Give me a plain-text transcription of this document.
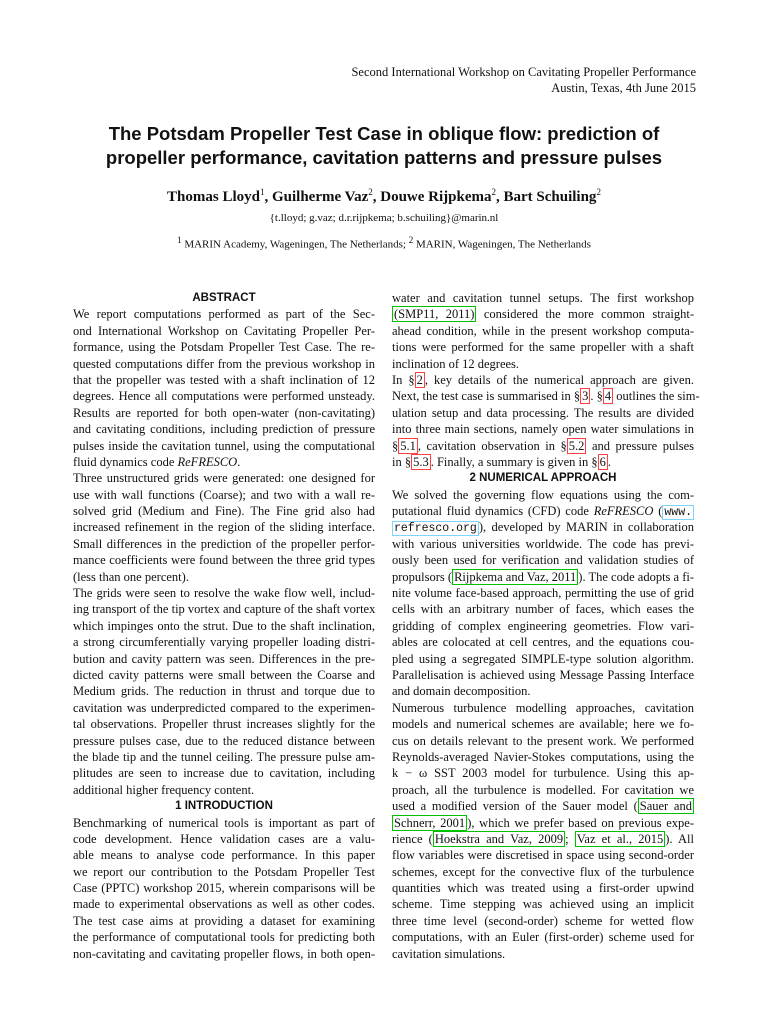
Second International Workshop on Cavitating Propeller Performance
Austin, Texas, 4th June 2015
The Potsdam Propeller Test Case in oblique flow: prediction of
propeller performance, cavitation patterns and pressure pulses
Thomas Lloyd$^1$, Guilherme Vaz$^2$, Douwe Rijpkema$^2$, Bart Schuiling$^2$
{t.lloyd; g.vaz; d.r.rijpkema; b.schuiling}@marin.nl
$^1$ MARIN Academy, Wageningen, The Netherlands; $^2$ MARIN, Wageningen, The Netherlands
ABSTRACT
We report computations performed as part of the Sec-
ond International Workshop on Cavitating Propeller Per-
formance, using the Potsdam Propeller Test Case. The re-
quested computations differ from the previous workshop in
that the propeller was tested with a shaft inclination of 12
degrees. Hence all computations were performed unsteady.
Results are reported for both open-water (non-cavitating)
and cavitating conditions, including prediction of pressure
pulses inside the cavitation tunnel, using the computational
fluid dynamics code ReFRESCO.
Three unstructured grids were generated: one designed for
use with wall functions (Coarse); and two with a wall re-
solved grid (Medium and Fine). The Fine grid also had
increased refinement in the region of the sliding interface.
Small differences in the prediction of the propeller perfor-
mance coefficients were found between the three grid types
(less than one percent).
The grids were seen to resolve the wake flow well, includ-
ing transport of the tip vortex and capture of the shaft vortex
which impinges onto the strut. Due to the shaft inclination,
a strong circumferentially varying propeller loading distri-
bution and cavity pattern was seen. Differences in the pre-
dicted cavity patterns were small between the Coarse and
Medium grids. The reduction in thrust and torque due to
cavitation was underpredicted compared to the experimen-
tal observations. Propeller thrust increases slightly for the
pressure pulses case, due to the reduced distance between
the blade tip and the tunnel ceiling. The pressure pulse am-
plitudes are seen to increase due to cavitation, including
additional higher frequency content.
1 INTRODUCTION
Benchmarking of numerical tools is important as part of
code development. Hence validation cases are a valu-
able means to analyse code performance. In this paper
we report our contribution to the Potsdam Propeller Test
Case (PPTC) workshop 2015, wherein comparisons will be
made to experimental observations as well as other codes.
The test case aims at providing a dataset for examining
the performance of computational tools for predicting both
non-cavitating and cavitating propeller flows, in both open-
water and cavitation tunnel setups. The first workshop
(SMP11, 2011) considered the more common straight-
ahead condition, while in the present workshop computa-
tions were performed for the same propeller with a shaft
inclination of 12 degrees.
In § 2 , key details of the numerical approach are given.
Next, the test case is summarised in § 3 . § 4 outlines the sim-
ulation setup and data processing. The results are divided
into three main sections, namely open water simulations in
§ 5.1 , cavitation observation in § 5.2 and pressure pulses
in § 5.3 . Finally, a summary is given in § 6 .
2 NUMERICAL APPROACH
We solved the governing flow equations using the com-
putational fluid dynamics (CFD) code ReFRESCO ( www.
refresco.org ), developed by MARIN in collaboration
with various universities worldwide. The code has previ-
ously been used for verification and validation studies of
propulsors ( Rijpkema and Vaz, 2011 ). The code adopts a fi-
nite volume face-based approach, permitting the use of grid
cells with an arbitrary number of faces, which eases the
gridding of complex engineering geometries. Flow vari-
ables are colocated at cell centres, and the equations cou-
pled using a segregated SIMPLE-type solution algorithm.
Parallelisation is achieved using Message Passing Interface
and domain decomposition.
Numerous turbulence modelling approaches, cavitation
models and numerical schemes are available; here we fo-
cus on details relevant to the present work. We performed
Reynolds-averaged Navier-Stokes computations, using the
k − ω SST 2003 model for turbulence. Using this ap-
proach, all the turbulence is modelled. For cavitation we
used a modified version of the Sauer model ( Sauer and
Schnerr, 2001 ), which we prefer based on previous expe-
rience ( Hoekstra and Vaz, 2009 ; Vaz et al., 2015 ). All
flow variables were discretised in space using second-order
schemes, except for the convective flux of the turbulence
quantities which was treated using a first-order upwind
scheme. Time stepping was achieved using an implicit
three time level (second-order) scheme for wetted flow
computations, with an Euler (first-order) scheme used for
cavitation simulations.
